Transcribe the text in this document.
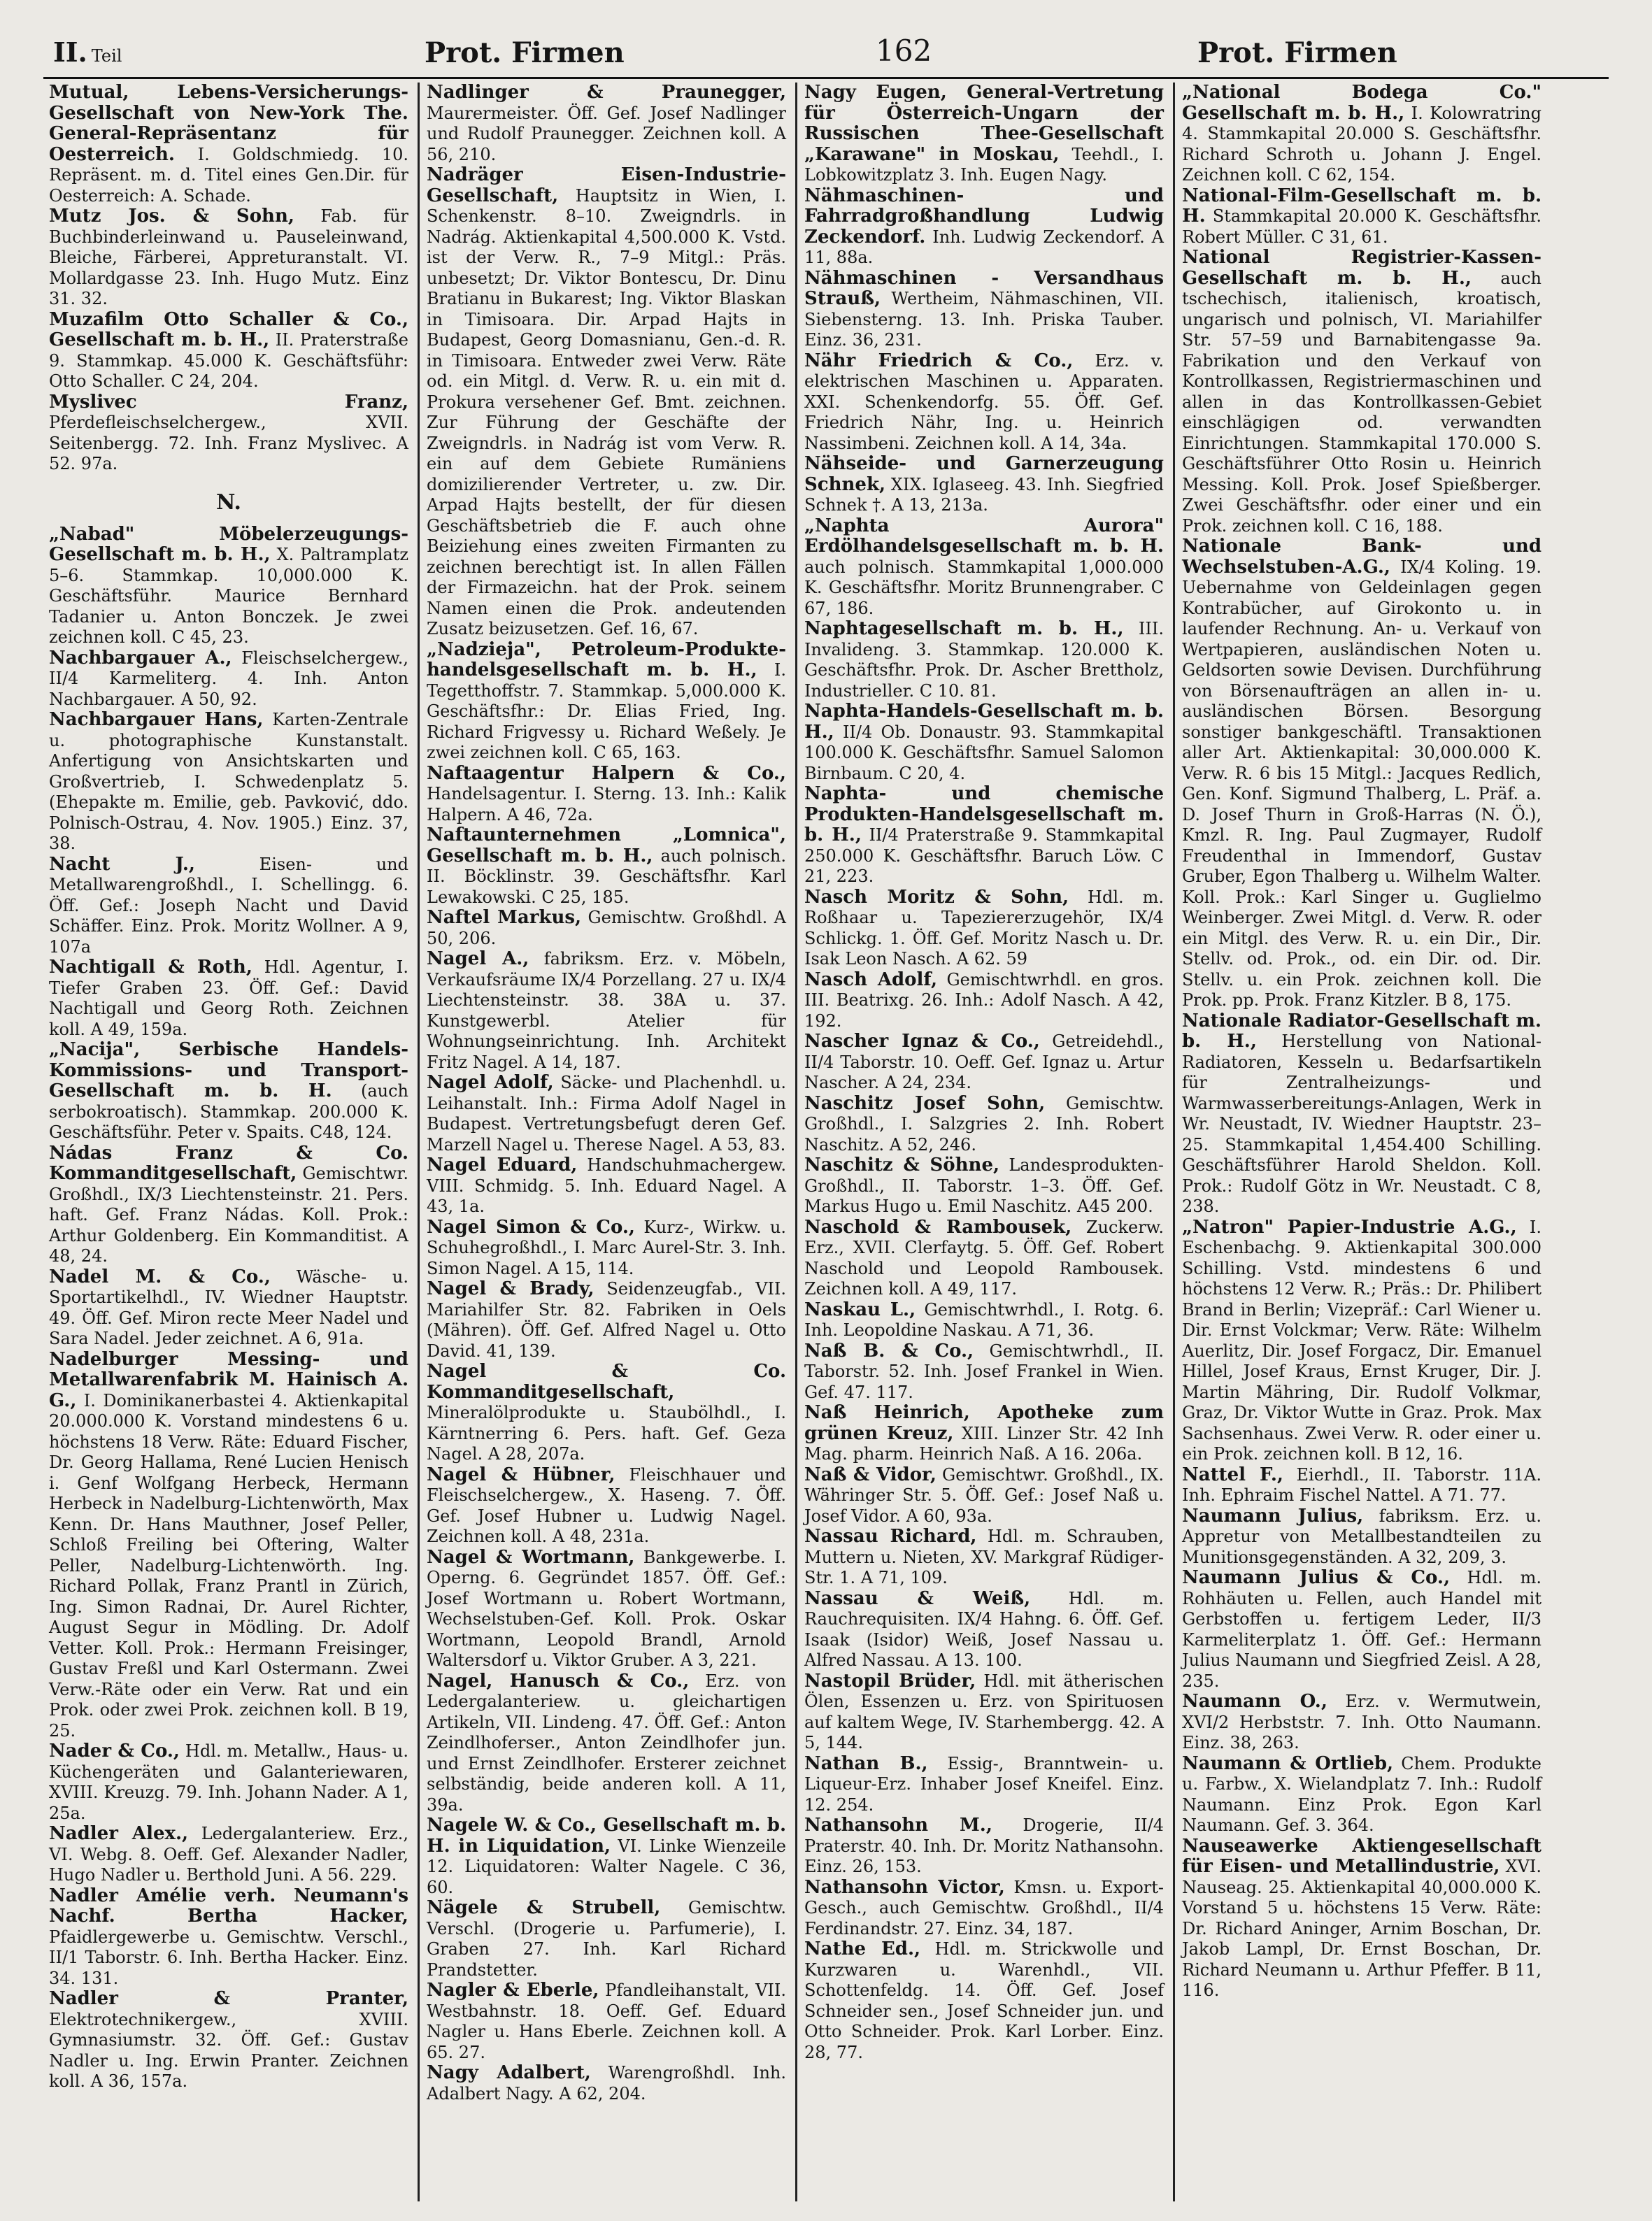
II. Teil	Prot. Firmen	162	Prot. Firmen

Mutual, Lebens-Versicherungs-Gesellschaft von New-York The. General-Repräsentanz für Oesterreich. I. Goldschmiedg. 10. Repräsent. m. d. Titel eines Gen.Dir. für Oesterreich: A. Schade.

Mutz Jos. & Sohn, Fab. für Buchbinderleinwand u. Pauseleinwand, Bleiche, Färberei, Appreturanstalt. VI. Mollardgasse 23. Inh. Hugo Mutz. Einz 31. 32.

Muzafilm Otto Schaller & Co., Gesellschaft m. b. H., II. Praterstraße 9. Stammkap. 45.000 K. Geschäftsführ: Otto Schaller. C 24, 204.

Myslivec Franz, Pferdefleischselchergew., XVII. Seitenbergg. 72. Inh. Franz Myslivec. A 52. 97a.

N.

„Nabad" Möbelerzeugungs-Gesellschaft m. b. H., X. Paltramplatz 5–6. Stammkap. 10,000.000 K. Geschäftsführ. Maurice Bernhard Tadanier u. Anton Bonczek. Je zwei zeichnen koll. C 45, 23.

Nachbargauer A., Fleischselchergew., II/4 Karmeliterg. 4. Inh. Anton Nachbargauer. A 50, 92.

Nachbargauer Hans, Karten-Zentrale u. photographische Kunstanstalt. Anfertigung von Ansichtskarten und Großvertrieb, I. Schwedenplatz 5. (Ehepakte m. Emilie, geb. Pavković, ddo. Polnisch-Ostrau, 4. Nov. 1905.) Einz. 37, 38.

Nacht J., Eisen- und Metallwarengroßhdl., I. Schellingg. 6. Öff. Gef.: Joseph Nacht und David Schäffer. Einz. Prok. Moritz Wollner. A 9, 107a

Nachtigall & Roth, Hdl. Agentur, I. Tiefer Graben 23. Öff. Gef.: David Nachtigall und Georg Roth. Zeichnen koll. A 49, 159a.

„Nacija", Serbische Handels-Kommissions- und Transport-Gesellschaft m. b. H. (auch serbokroatisch). Stammkap. 200.000 K. Geschäftsführ. Peter v. Spaits. C48, 124.

Nádas Franz & Co. Kommanditgesellschaft, Gemischtwr. Großhdl., IX/3 Liechtensteinstr. 21. Pers. haft. Gef. Franz Nádas. Koll. Prok.: Arthur Goldenberg. Ein Kommanditist. A 48, 24.

Nadel M. & Co., Wäsche- u. Sportartikelhdl., IV. Wiedner Hauptstr. 49. Öff. Gef. Miron recte Meer Nadel und Sara Nadel. Jeder zeichnet. A 6, 91a.

Nadelburger Messing- und Metallwarenfabrik M. Hainisch A. G., I. Dominikanerbastei 4. Aktienkapital 20.000.000 K. Vorstand mindestens 6 u. höchstens 18 Verw. Räte: Eduard Fischer, Dr. Georg Hallama, René Lucien Henisch i. Genf Wolfgang Herbeck, Hermann Herbeck in Nadelburg-Lichtenwörth, Max Kenn. Dr. Hans Mauthner, Josef Peller, Schloß Freiling bei Oftering, Walter Peller, Nadelburg-Lichtenwörth. Ing. Richard Pollak, Franz Prantl in Zürich, Ing. Simon Radnai, Dr. Aurel Richter, August Segur in Mödling. Dr. Adolf Vetter. Koll. Prok.: Hermann Freisinger, Gustav Freßl und Karl Ostermann. Zwei Verw.-Räte oder ein Verw. Rat und ein Prok. oder zwei Prok. zeichnen koll. B 19, 25.

Nader & Co., Hdl. m. Metallw., Haus- u. Küchengeräten und Galanteriewaren, XVIII. Kreuzg. 79. Inh. Johann Nader. A 1, 25a.

Nadler Alex., Ledergalanteriew. Erz., VI. Webg. 8. Oeff. Gef. Alexander Nadler, Hugo Nadler u. Berthold Juni. A 56. 229.

Nadler Amélie verh. Neumann's Nachf. Bertha Hacker, Pfaidlergewerbe u. Gemischtw. Verschl., II/1 Taborstr. 6. Inh. Bertha Hacker. Einz. 34. 131.

Nadler & Pranter, Elektrotechnikergew., XVIII. Gymnasiumstr. 32. Öff. Gef.: Gustav Nadler u. Ing. Erwin Pranter. Zeichnen koll. A 36, 157a.

Nadlinger & Praunegger, Maurermeister. Öff. Gef. Josef Nadlinger und Rudolf Praunegger. Zeichnen koll. A 56, 210.

Nadräger Eisen-Industrie-Gesellschaft, Hauptsitz in Wien, I. Schenkenstr. 8–10. Zweigndrls. in Nadrág. Aktienkapital 4,500.000 K. Vstd. ist der Verw. R., 7–9 Mitgl.: Präs. unbesetzt; Dr. Viktor Bontescu, Dr. Dinu Bratianu in Bukarest; Ing. Viktor Blaskan in Timisoara. Dir. Arpad Hajts in Budapest, Georg Domasnianu, Gen.-d. R. in Timisoara. Entweder zwei Verw. Räte od. ein Mitgl. d. Verw. R. u. ein mit d. Prokura versehener Gef. Bmt. zeichnen. Zur Führung der Geschäfte der Zweigndrls. in Nadrág ist vom Verw. R. ein auf dem Gebiete Rumäniens domizilierender Vertreter, u. zw. Dir. Arpad Hajts bestellt, der für diesen Geschäftsbetrieb die F. auch ohne Beiziehung eines zweiten Firmanten zu zeichnen berechtigt ist. In allen Fällen der Firmazeichn. hat der Prok. seinem Namen einen die Prok. andeutenden Zusatz beizusetzen. Gef. 16, 67.

„Nadzieja", Petroleum-Produkte-handelsgesellschaft m. b. H., I. Tegetthoffstr. 7. Stammkap. 5,000.000 K. Geschäftsfhr.: Dr. Elias Fried, Ing. Richard Frigvessy u. Richard Weßely. Je zwei zeichnen koll. C 65, 163.

Naftaagentur Halpern & Co., Handelsagentur. I. Sterng. 13. Inh.: Kalik Halpern. A 46, 72a.

Naftaunternehmen „Lomnica", Gesellschaft m. b. H., auch polnisch. II. Böcklinstr. 39. Geschäftsfhr. Karl Lewakowski. C 25, 185.

Naftel Markus, Gemischtw. Großhdl. A 50, 206.

Nagel A., fabriksm. Erz. v. Möbeln, Verkaufsräume IX/4 Porzellang. 27 u. IX/4 Liechtensteinstr. 38. 38A u. 37. Kunstgewerbl. Atelier für Wohnungseinrichtung. Inh. Architekt Fritz Nagel. A 14, 187.

Nagel Adolf, Säcke- und Plachenhdl. u. Leihanstalt. Inh.: Firma Adolf Nagel in Budapest. Vertretungsbefugt deren Gef. Marzell Nagel u. Therese Nagel. A 53, 83.

Nagel Eduard, Handschuhmachergew. VIII. Schmidg. 5. Inh. Eduard Nagel. A 43, 1a.

Nagel Simon & Co., Kurz-, Wirkw. u. Schuhegroßhdl., I. Marc Aurel-Str. 3. Inh. Simon Nagel. A 15, 114.

Nagel & Brady, Seidenzeugfab., VII. Mariahilfer Str. 82. Fabriken in Oels (Mähren). Öff. Gef. Alfred Nagel u. Otto David. 41, 139.

Nagel & Co. Kommanditgesellschaft, Mineralölprodukte u. Staubölhdl., I. Kärntnerring 6. Pers. haft. Gef. Geza Nagel. A 28, 207a.

Nagel & Hübner, Fleischhauer und Fleischselchergew., X. Haseng. 7. Öff. Gef. Josef Hubner u. Ludwig Nagel. Zeichnen koll. A 48, 231a.

Nagel & Wortmann, Bankgewerbe. I. Operng. 6. Gegründet 1857. Öff. Gef.: Josef Wortmann u. Robert Wortmann, Wechselstuben-Gef. Koll. Prok. Oskar Wortmann, Leopold Brandl, Arnold Waltersdorf u. Viktor Gruber. A 3, 221.

Nagel, Hanusch & Co., Erz. von Ledergalanteriew. u. gleichartigen Artikeln, VII. Lindeng. 47. Öff. Gef.: Anton Zeindlhoferser., Anton Zeindlhofer jun. und Ernst Zeindlhofer. Ersterer zeichnet selbständig, beide anderen koll. A 11, 39a.

Nagele W. & Co., Gesellschaft m. b. H. in Liquidation, VI. Linke Wienzeile 12. Liquidatoren: Walter Nagele. C 36, 60.

Nägele & Strubell, Gemischtw. Verschl. (Drogerie u. Parfumerie), I. Graben 27. Inh. Karl Richard Prandstetter.

Nagler & Eberle, Pfandleihanstalt, VII. Westbahnstr. 18. Oeff. Gef. Eduard Nagler u. Hans Eberle. Zeichnen koll. A 65. 27.

Nagy Adalbert, Warengroßhdl. Inh. Adalbert Nagy. A 62, 204.

Nagy Eugen, General-Vertretung für Österreich-Ungarn der Russischen Thee-Gesellschaft „Karawane" in Moskau, Teehdl., I. Lobkowitzplatz 3. Inh. Eugen Nagy.

Nähmaschinen- und Fahrradgroßhandlung Ludwig Zeckendorf. Inh. Ludwig Zeckendorf. A 11, 88a.

Nähmaschinen - Versandhaus Strauß, Wertheim, Nähmaschinen, VII. Siebensterng. 13. Inh. Priska Tauber. Einz. 36, 231.

Nähr Friedrich & Co., Erz. v. elektrischen Maschinen u. Apparaten. XXI. Schenkendorfg. 55. Öff. Gef. Friedrich Nähr, Ing. u. Heinrich Nassimbeni. Zeichnen koll. A 14, 34a.

Nähseide- und Garnerzeugung Schnek, XIX. Iglaseeg. 43. Inh. Siegfried Schnek †. A 13, 213a.

„Naphta Aurora" Erdölhandelsgesellschaft m. b. H. auch polnisch. Stammkapital 1,000.000 K. Geschäftsfhr. Moritz Brunnengraber. C 67, 186.

Naphtagesellschaft m. b. H., III. Invalideng. 3. Stammkap. 120.000 K. Geschäftsfhr. Prok. Dr. Ascher Brettholz, Industrieller. C 10. 81.

Naphta-Handels-Gesellschaft m. b. H., II/4 Ob. Donaustr. 93. Stammkapital 100.000 K. Geschäftsfhr. Samuel Salomon Birnbaum. C 20, 4.

Naphta- und chemische Produkten-Handelsgesellschaft m. b. H., II/4 Praterstraße 9. Stammkapital 250.000 K. Geschäftsfhr. Baruch Löw. C 21, 223.

Nasch Moritz & Sohn, Hdl. m. Roßhaar u. Tapeziererzugehör, IX/4 Schlickg. 1. Öff. Gef. Moritz Nasch u. Dr. Isak Leon Nasch. A 62. 59

Nasch Adolf, Gemischtwrhdl. en gros. III. Beatrixg. 26. Inh.: Adolf Nasch. A 42, 192.

Nascher Ignaz & Co., Getreidehdl., II/4 Taborstr. 10. Oeff. Gef. Ignaz u. Artur Nascher. A 24, 234.

Naschitz Josef Sohn, Gemischtw. Großhdl., I. Salzgries 2. Inh. Robert Naschitz. A 52, 246.

Naschitz & Söhne, Landesprodukten-Großhdl., II. Taborstr. 1–3. Öff. Gef. Markus Hugo u. Emil Naschitz. A45 200.

Naschold & Rambousek, Zuckerw. Erz., XVII. Clerfaytg. 5. Öff. Gef. Robert Naschold und Leopold Rambousek. Zeichnen koll. A 49, 117.

Naskau L., Gemischtwrhdl., I. Rotg. 6. Inh. Leopoldine Naskau. A 71, 36.

Naß B. & Co., Gemischtwrhdl., II. Taborstr. 52. Inh. Josef Frankel in Wien. Gef. 47. 117.

Naß Heinrich, Apotheke zum grünen Kreuz, XIII. Linzer Str. 42 Inh Mag. pharm. Heinrich Naß. A 16. 206a.

Naß & Vidor, Gemischtwr. Großhdl., IX. Währinger Str. 5. Öff. Gef.: Josef Naß u. Josef Vidor. A 60, 93a.

Nassau Richard, Hdl. m. Schrauben, Muttern u. Nieten, XV. Markgraf Rüdiger-Str. 1. A 71, 109.

Nassau & Weiß, Hdl. m. Rauchrequisiten. IX/4 Hahng. 6. Öff. Gef. Isaak (Isidor) Weiß, Josef Nassau u. Alfred Nassau. A 13. 100.

Nastopil Brüder, Hdl. mit ätherischen Ölen, Essenzen u. Erz. von Spirituosen auf kaltem Wege, IV. Starhembergg. 42. A 5, 144.

Nathan B., Essig-, Branntwein- u. Liqueur-Erz. Inhaber Josef Kneifel. Einz. 12. 254.

Nathansohn M., Drogerie, II/4 Praterstr. 40. Inh. Dr. Moritz Nathansohn. Einz. 26, 153.

Nathansohn Victor, Kmsn. u. Export-Gesch., auch Gemischtw. Großhdl., II/4 Ferdinandstr. 27. Einz. 34, 187.

Nathe Ed., Hdl. m. Strickwolle und Kurzwaren u. Warenhdl., VII. Schottenfeldg. 14. Öff. Gef. Josef Schneider sen., Josef Schneider jun. und Otto Schneider. Prok. Karl Lorber. Einz. 28, 77.

„National Bodega Co." Gesellschaft m. b. H., I. Kolowratring 4. Stammkapital 20.000 S. Geschäftsfhr. Richard Schroth u. Johann J. Engel. Zeichnen koll. C 62, 154.

National-Film-Gesellschaft m. b. H. Stammkapital 20.000 K. Geschäftsfhr. Robert Müller. C 31, 61.

National Registrier-Kassen-Gesellschaft m. b. H., auch tschechisch, italienisch, kroatisch, ungarisch und polnisch, VI. Mariahilfer Str. 57–59 und Barnabitengasse 9a. Fabrikation und den Verkauf von Kontrollkassen, Registriermaschinen und allen in das Kontrollkassen-Gebiet einschlägigen od. verwandten Einrichtungen. Stammkapital 170.000 S. Geschäftsführer Otto Rosin u. Heinrich Messing. Koll. Prok. Josef Spießberger. Zwei Geschäftsfhr. oder einer und ein Prok. zeichnen koll. C 16, 188.

Nationale Bank- und Wechselstuben-A.G., IX/4 Koling. 19. Uebernahme von Geldeinlagen gegen Kontrabücher, auf Girokonto u. in laufender Rechnung. An- u. Verkauf von Wertpapieren, ausländischen Noten u. Geldsorten sowie Devisen. Durchführung von Börsenaufträgen an allen in- u. ausländischen Börsen. Besorgung sonstiger bankgeschäftl. Transaktionen aller Art. Aktienkapital: 30,000.000 K. Verw. R. 6 bis 15 Mitgl.: Jacques Redlich, Gen. Konf. Sigmund Thalberg, L. Präf. a. D. Josef Thurn in Groß-Harras (N. Ö.), Kmzl. R. Ing. Paul Zugmayer, Rudolf Freudenthal in Immendorf, Gustav Gruber, Egon Thalberg u. Wilhelm Walter. Koll. Prok.: Karl Singer u. Guglielmo Weinberger. Zwei Mitgl. d. Verw. R. oder ein Mitgl. des Verw. R. u. ein Dir., Dir. Stellv. od. Prok., od. ein Dir. od. Dir. Stellv. u. ein Prok. zeichnen koll. Die Prok. pp. Prok. Franz Kitzler. B 8, 175.

Nationale Radiator-Gesellschaft m. b. H., Herstellung von National-Radiatoren, Kesseln u. Bedarfsartikeln für Zentralheizungs- und Warmwasserbereitungs-Anlagen, Werk in Wr. Neustadt, IV. Wiedner Hauptstr. 23–25. Stammkapital 1,454.400 Schilling. Geschäftsführer Harold Sheldon. Koll. Prok.: Rudolf Götz in Wr. Neustadt. C 8, 238.

„Natron" Papier-Industrie A.G., I. Eschenbachg. 9. Aktienkapital 300.000 Schilling. Vstd. mindestens 6 und höchstens 12 Verw. R.; Präs.: Dr. Philibert Brand in Berlin; Vizepräf.: Carl Wiener u. Dir. Ernst Volckmar; Verw. Räte: Wilhelm Auerlitz, Dir. Josef Forgacz, Dir. Emanuel Hillel, Josef Kraus, Ernst Kruger, Dir. J. Martin Mähring, Dir. Rudolf Volkmar, Graz, Dr. Viktor Wutte in Graz. Prok. Max Sachsenhaus. Zwei Verw. R. oder einer u. ein Prok. zeichnen koll. B 12, 16.

Nattel F., Eierhdl., II. Taborstr. 11A. Inh. Ephraim Fischel Nattel. A 71. 77.

Naumann Julius, fabriksm. Erz. u. Appretur von Metallbestandteilen zu Munitionsgegenständen. A 32, 209, 3.

Naumann Julius & Co., Hdl. m. Rohhäuten u. Fellen, auch Handel mit Gerbstoffen u. fertigem Leder, II/3 Karmeliterplatz 1. Öff. Gef.: Hermann Julius Naumann und Siegfried Zeisl. A 28, 235.

Naumann O., Erz. v. Wermutwein, XVI/2 Herbststr. 7. Inh. Otto Naumann. Einz. 38, 263.

Naumann & Ortlieb, Chem. Produkte u. Farbw., X. Wielandplatz 7. Inh.: Rudolf Naumann. Einz Prok. Egon Karl Naumann. Gef. 3. 364.

Nauseawerke Aktiengesellschaft für Eisen- und Metallindustrie, XVI. Nauseag. 25. Aktienkapital 40,000.000 K. Vorstand 5 u. höchstens 15 Verw. Räte: Dr. Richard Aninger, Arnim Boschan, Dr. Jakob Lampl, Dr. Ernst Boschan, Dr. Richard Neumann u. Arthur Pfeffer. B 11, 116.
